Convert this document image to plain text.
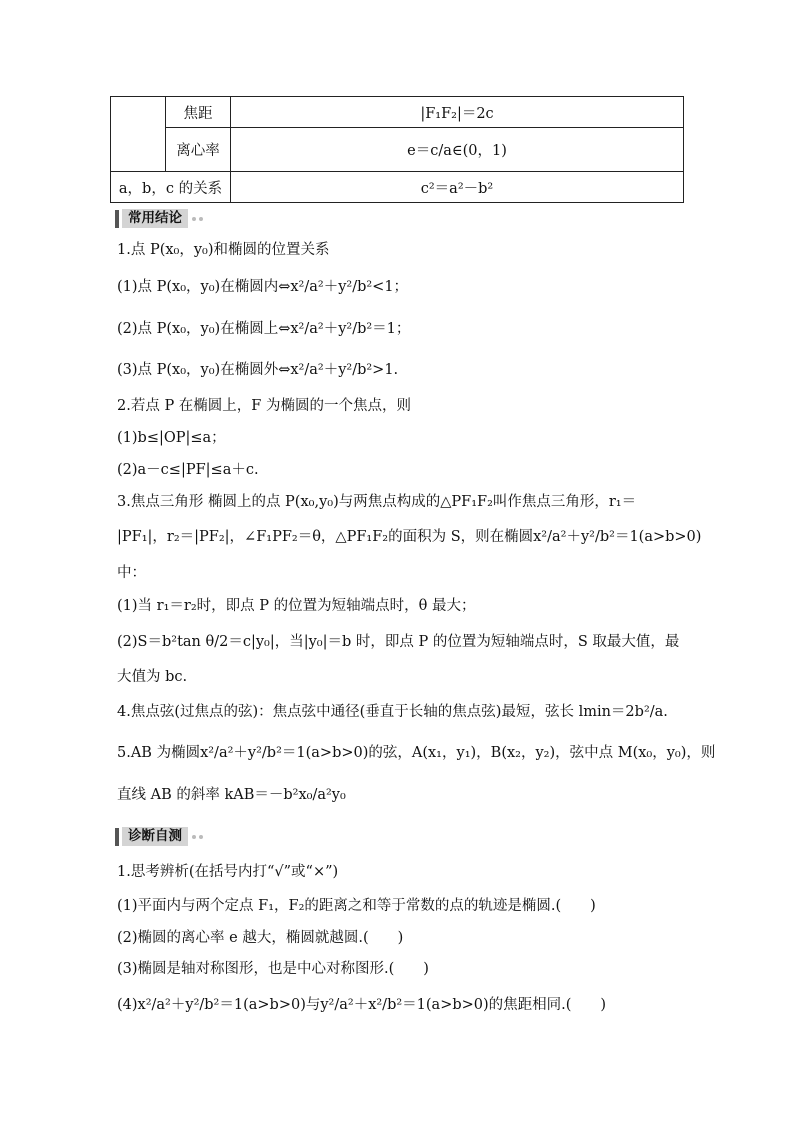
	焦距	|F₁F₂|＝2c
	离心率	e＝c/a∈(0，1)
a，b，c 的关系		c²＝a²－b²
常用结论
1.点 P(x₀，y₀)和椭圆的位置关系
(1)点 P(x₀，y₀)在椭圆内⇔x²/a²＋y²/b²<1；
(2)点 P(x₀，y₀)在椭圆上⇔x²/a²＋y²/b²＝1；
(3)点 P(x₀，y₀)在椭圆外⇔x²/a²＋y²/b²>1.
2.若点 P 在椭圆上，F 为椭圆的一个焦点，则
(1)b≤|OP|≤a；
(2)a－c≤|PF|≤a＋c.
3.焦点三角形 椭圆上的点 P(x₀,y₀)与两焦点构成的△PF₁F₂叫作焦点三角形，r₁＝
|PF₁|，r₂＝|PF₂|，∠F₁PF₂＝θ，△PF₁F₂的面积为 S，则在椭圆x²/a²＋y²/b²＝1(a>b>0)
中：
(1)当 r₁＝r₂时，即点 P 的位置为短轴端点时，θ 最大；
(2)S＝b²tan θ/2＝c|y₀|，当|y₀|＝b 时，即点 P 的位置为短轴端点时，S 取最大值，最
大值为 bc.
4.焦点弦(过焦点的弦)：焦点弦中通径(垂直于长轴的焦点弦)最短，弦长 lmin＝2b²/a.
5.AB 为椭圆x²/a²＋y²/b²＝1(a>b>0)的弦，A(x₁，y₁)，B(x₂，y₂)，弦中点 M(x₀，y₀)，则
直线 AB 的斜率 kAB＝－b²x₀/a²y₀
诊断自测
1.思考辨析(在括号内打“√”或“×”)
(1)平面内与两个定点 F₁，F₂的距离之和等于常数的点的轨迹是椭圆.(　　)
(2)椭圆的离心率 e 越大，椭圆就越圆.(　　)
(3)椭圆是轴对称图形，也是中心对称图形.(　　)
(4)x²/a²＋y²/b²＝1(a>b>0)与y²/a²＋x²/b²＝1(a>b>0)的焦距相同.(　　)
